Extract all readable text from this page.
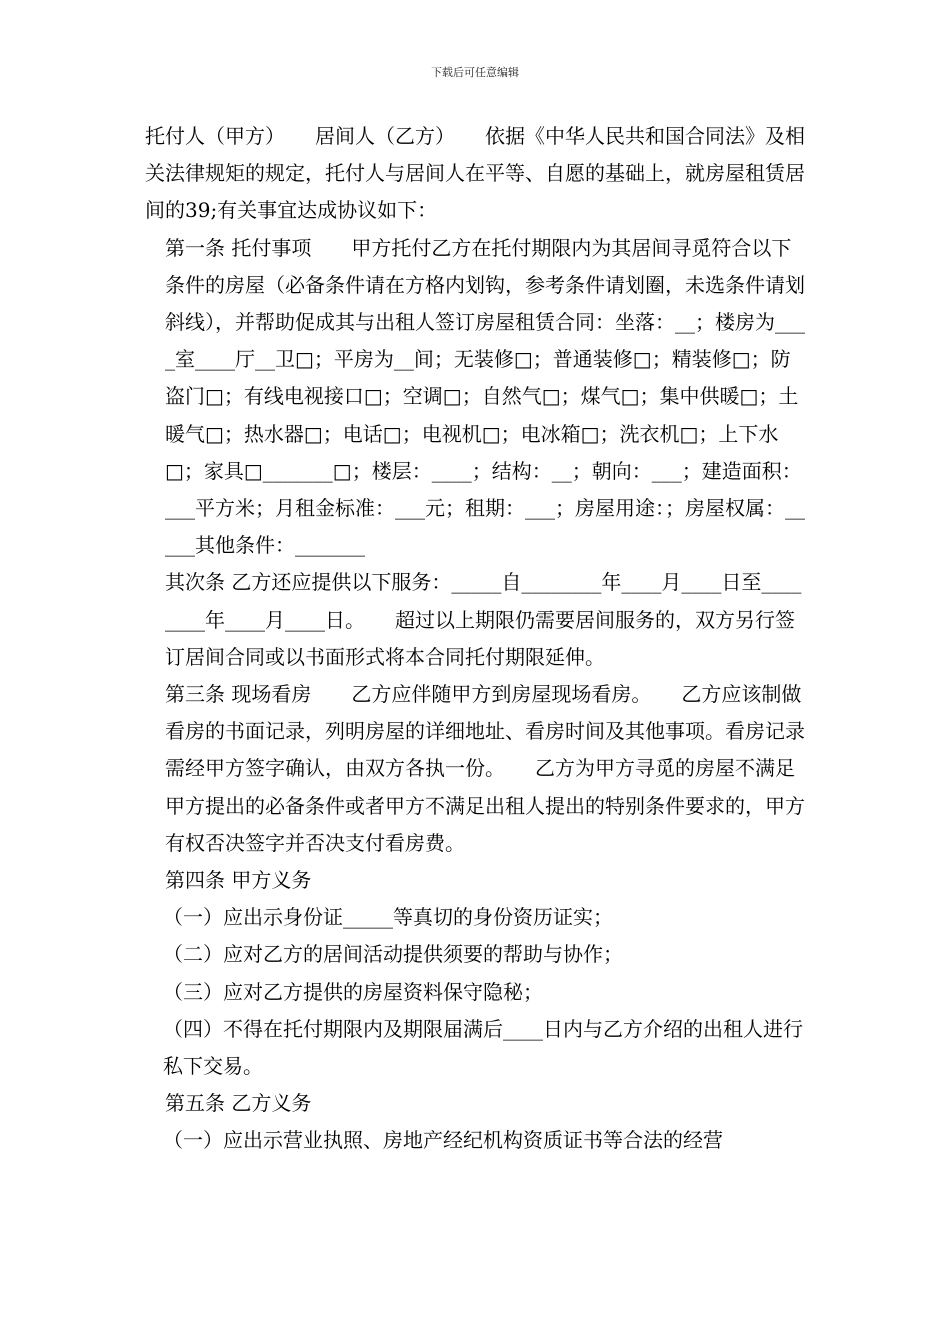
下载后可任意编辑

托付人（甲方）　　居间人（乙方）　　依据《中华人民共和国合同法》及相关法律规矩的规定，托付人与居间人在平等、自愿的基础上，就房屋租赁居间的39;有关事宜达成协议如下：

第一条 托付事项　　甲方托付乙方在托付期限内为其居间寻觅符合以下条件的房屋（必备条件请在方格内划钩，参考条件请划圈，未选条件请划斜线），并帮助促成其与出租人签订房屋租赁合同：坐落：__；楼房为____室____厅__卫□；平房为__间；无装修□；普通装修□；精装修□；防盗门□；有线电视接口□；空调□；自然气□；煤气□；集中供暖□；土暖气□；热水器□；电话□；电视机□；电冰箱□；洗衣机□；上下水□；家具□_______□；楼层：____；结构：__；朝向：___；建造面积：___平方米；月租金标准：___元；租期：___；房屋用途：；房屋权属：_____其他条件：_______

其次条 乙方还应提供以下服务：_____自________年____月____日至________年____月____日。　　超过以上期限仍需要居间服务的，双方另行签订居间合同或以书面形式将本合同托付期限延伸。

第三条 现场看房　　乙方应伴随甲方到房屋现场看房。　　乙方应该制做看房的书面记录，列明房屋的详细地址、看房时间及其他事项。看房记录需经甲方签字确认，由双方各执一份。　　乙方为甲方寻觅的房屋不满足甲方提出的必备条件或者甲方不满足出租人提出的特别条件要求的，甲方有权否决签字并否决支付看房费。

第四条 甲方义务

（一）应出示身份证_____等真切的身份资历证实；

（二）应对乙方的居间活动提供须要的帮助与协作；

（三）应对乙方提供的房屋资料保守隐秘；

（四）不得在托付期限内及期限届满后____日内与乙方介绍的出租人进行私下交易。

第五条 乙方义务

（一）应出示营业执照、房地产经纪机构资质证书等合法的经营
